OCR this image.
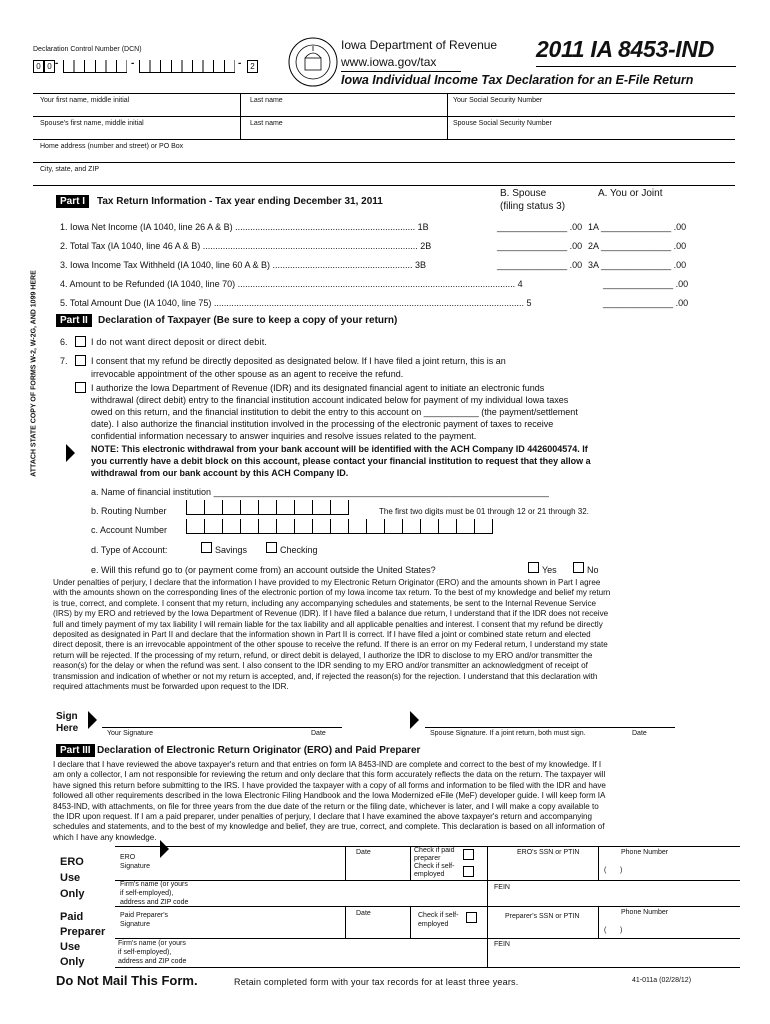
Declaration Control Number (DCN)
0 0 -	-	-	2
Iowa Department of Revenue
www.iowa.gov/tax	2011 IA 8453-IND
Iowa Individual Income Tax Declaration for an E-File Return
Your first name, middle initial	Last name	Your Social Security Number
Spouse's first name, middle initial	Last name	Spouse Social Security Number
Home address (number and street) or PO Box
City, state, and ZIP
ATTACH STATE COPY OF FORMS W-2, W-2G, AND 1099 HERE
Part I	Tax Return Information - Tax year ending December 31, 2011
B. Spouse
(filing status 3)
A. You or Joint
1. Iowa Net Income (IA 1040, line 26 A & B) ........................................................................ 1B	______________ .00 1A ______________ .00
2. Total Tax (IA 1040, line 46 A & B) ...................................................................................... 2B	______________ .00 2A ______________ .00
3. Iowa Income Tax Withheld (IA 1040, line 60 A & B) ........................................................ 3B	______________ .00 3A ______________ .00
4. Amount to be Refunded (IA 1040, line 70) ............................................................................................................... 4	______________ .00
5. Total Amount Due (IA 1040, line 75) ............................................................................................................................ 5	______________ .00
Part II	Declaration of Taxpayer (Be sure to keep a copy of your return)
6.	I do not want direct deposit or direct debit.
7.	I consent that my refund be directly deposited as designated below. If I have filed a joint return, this is an
irrevocable appointment of the other spouse as an agent to receive the refund.
I authorize the Iowa Department of Revenue (IDR) and its designated financial agent to initiate an electronic funds
withdrawal (direct debit) entry to the financial institution account indicated below for payment of my individual Iowa taxes
owed on this return, and the financial institution to debit the entry to this account on ___________ (the payment/settlement
date). I also authorize the financial institution involved in the processing of the electronic payment of taxes to receive
confidential information necessary to answer inquiries and resolve issues related to the payment.
NOTE: This electronic withdrawal from your bank account will be identified with the ACH Company ID 4426004574. If
you currently have a debit block on this account, please contact your financial institution to request that they allow a
withdrawal from our bank account by this ACH Company ID.
a. Name of financial institution ___________________________________________________________________
b. Routing Number	The first two digits must be 01 through 12 or 21 through 32.
c. Account Number
d. Type of Account:	Savings	Checking
e. Will this refund go to (or payment come from) an account outside the United States?	Yes	No
Under penalties of perjury, I declare that the information I have provided to my Electronic Return Originator (ERO) and the amounts shown in Part I agree
with the amounts shown on the corresponding lines of the electronic portion of my Iowa income tax return. To the best of my knowledge and belief my return
is true, correct, and complete. I consent that my return, including any accompanying schedules and statements, be sent to the Internal Revenue Service
(IRS) by my ERO and retrieved by the Iowa Department of Revenue (IDR). If I have filed a balance due return, I understand that if the IDR does not receive
full and timely payment of my tax liability I will remain liable for the tax liability and all applicable penalties and interest. I consent that my refund be directly
deposited as designated in Part II and declare that the information shown in Part II is correct. If I have filed a joint or combined state return and elected
direct deposit, there is an irrevocable appointment of the other spouse to receive the refund. If there is an error on my Federal return, I understand my state
return will be rejected. If the processing of my return, refund, or direct debit is delayed, I authorize the IDR to disclose to my ERO and/or transmitter the
reason(s) for the delay or when the refund was sent. I also consent to the IDR sending to my ERO and/or transmitter an acknowledgment of receipt of
transmission and indication of whether or not my return is accepted, and, if rejected the reason(s) for the rejection. I understand that this declaration with
required attachments must be forwarded upon request to the IDR.
Sign
Here	Your Signature	Date	Spouse Signature. If a joint return, both must sign.	Date
Part III Declaration of Electronic Return Originator (ERO) and Paid Preparer
I declare that I have reviewed the above taxpayer's return and that entries on form IA 8453-IND are complete and correct to the best of my knowledge. If I
am only a collector, I am not responsible for reviewing the return and only declare that this form accurately reflects the data on the return. The taxpayer will
have signed this return before submitting to the IRS. I have provided the taxpayer with a copy of all forms and information to be filed with the IDR and have
followed all other requirements described in the Iowa Electronic Filing Handbook and the Iowa Modernized eFile (MeF) developer guide. I will keep form IA
8453-IND, with attachments, on file for three years from the due date of the return or the filing date, whichever is later, and I will make a copy available to
the IDR upon request. If I am a paid preparer, under penalties of perjury, I declare that I have examined the above taxpayer's return and accompanying
schedules and statements, and to the best of my knowledge and belief, they are true, correct, and complete. This declaration is based on all information of
which I have any knowledge.
ERO
Use
Only
ERO
Signature
Date	Check if paid
preparer
Check if self-
employed
ERO's SSN or PTIN	Phone Number
(       )
Firm's name (or yours
if self-employed),
address and ZIP code
FEIN
Paid
Preparer
Use
Only
Paid Preparer's
Signature
Date	Check if self-
employed
Preparer's SSN or PTIN
Phone Number
(       )
Firm's name (or yours
if self-employed),
address and ZIP code
FEIN
Do Not Mail This Form.	Retain completed form with your tax records for at least three years.	41-011a (02/28/12)
